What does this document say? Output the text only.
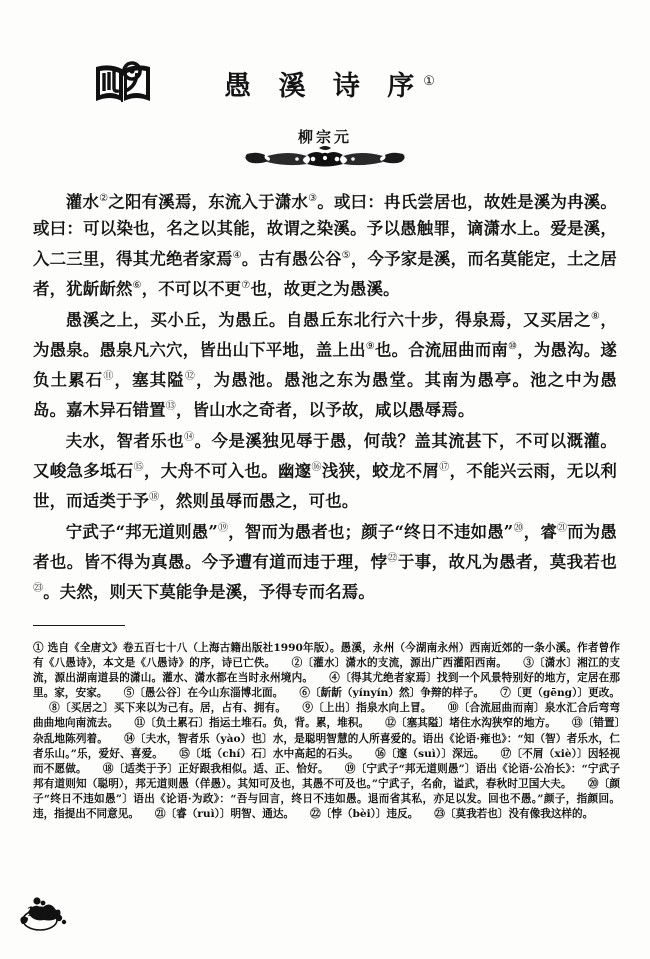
愚 溪 诗 序①
柳宗元

灌水②之阳有溪焉，东流入于潇水③。或曰：冉氏尝居也，故姓是溪为冉溪。或曰：可以染也，名之以其能，故谓之染溪。予以愚触罪，谪潇水上。爱是溪，入二三里，得其尤绝者家焉④。古有愚公谷⑤，今予家是溪，而名莫能定，土之居者，犹龂龂然⑥，不可以不更⑦也，故更之为愚溪。

愚溪之上，买小丘，为愚丘。自愚丘东北行六十步，得泉焉，又买居之⑧，为愚泉。愚泉凡六穴，皆出山下平地，盖上出⑨也。合流屈曲而南⑩，为愚沟。遂负土累石⑪，塞其隘⑫，为愚池。愚池之东为愚堂。其南为愚亭。池之中为愚岛。嘉木异石错置⑬，皆山水之奇者，以予故，咸以愚辱焉。

夫水，智者乐也⑭。今是溪独见辱于愚，何哉？盖其流甚下，不可以溉灌。又峻急多坻石⑮，大舟不可入也。幽邃⑯浅狭，蛟龙不屑⑰，不能兴云雨，无以利世，而适类于予⑱，然则虽辱而愚之，可也。

宁武子“邦无道则愚”⑲，智而为愚者也；颜子“终日不违如愚”⑳，睿$^㉑$而为愚者也。皆不得为真愚。今予遭有道而违于理，悖$^㉒$于事，故凡为愚者，莫我若也$^㉓$。夫然，则天下莫能争是溪，予得专而名焉。

① 选自《全唐文》卷五百七十八（上海古籍出版社1990年版）。愚溪，永州（今湖南永州）西南近郊的一条小溪。作者曾作有《八愚诗》，本文是《八愚诗》的序，诗已亡佚。 ②〔灌水〕潇水的支流，源出广西灌阳西南。 ③〔潇水〕湘江的支流，源出湖南道县的潇山。灌水、潇水都在当时永州境内。 ④〔得其尤绝者家焉〕找到一个风景特别好的地方，定居在那里。家，安家。 ⑤〔愚公谷〕在今山东淄博北面。 ⑥〔龂龂（yínyín）然〕争辩的样子。 ⑦〔更（gēng）〕更改。⑧〔买居之〕买下来以为己有。居，占有、拥有。 ⑨〔上出〕指泉水向上冒。 ⑩〔合流屈曲而南〕泉水汇合后弯弯曲曲地向南流去。 ⑪〔负土累石〕指运土堆石。负，背。累，堆积。 ⑫〔塞其隘〕堵住水沟狭窄的地方。 ⑬〔错置〕杂乱地陈列着。 ⑭〔夫水，智者乐（yào）也〕水，是聪明智慧的人所喜爱的。语出《论语·雍也》：“知（智）者乐水，仁者乐山。”乐，爱好、喜爱。 ⑮〔坻（chí）石〕水中高起的石头。 ⑯〔邃（suì）〕深远。 ⑰〔不屑（xiè）〕因轻视而不愿做。 ⑱〔适类于予〕正好跟我相似。适、正、恰好。 ⑲〔宁武子“邦无道则愚”〕语出《论语·公冶长》：“宁武子邦有道则知（聪明），邦无道则愚（佯愚）。其知可及也，其愚不可及也。”宁武子，名俞，谥武，春秋时卫国大夫。 ⑳〔颜子“终日不违如愚”〕语出《论语·为政》：“吾与回言，终日不违如愚。退而省其私，亦足以发。回也不愚。”颜子，指颜回。违，指提出不同意见。 ㉑〔睿（ruì）〕明智、通达。 ㉒〔悖（bèi）〕违反。 ㉓〔莫我若也〕没有像我这样的。
152
